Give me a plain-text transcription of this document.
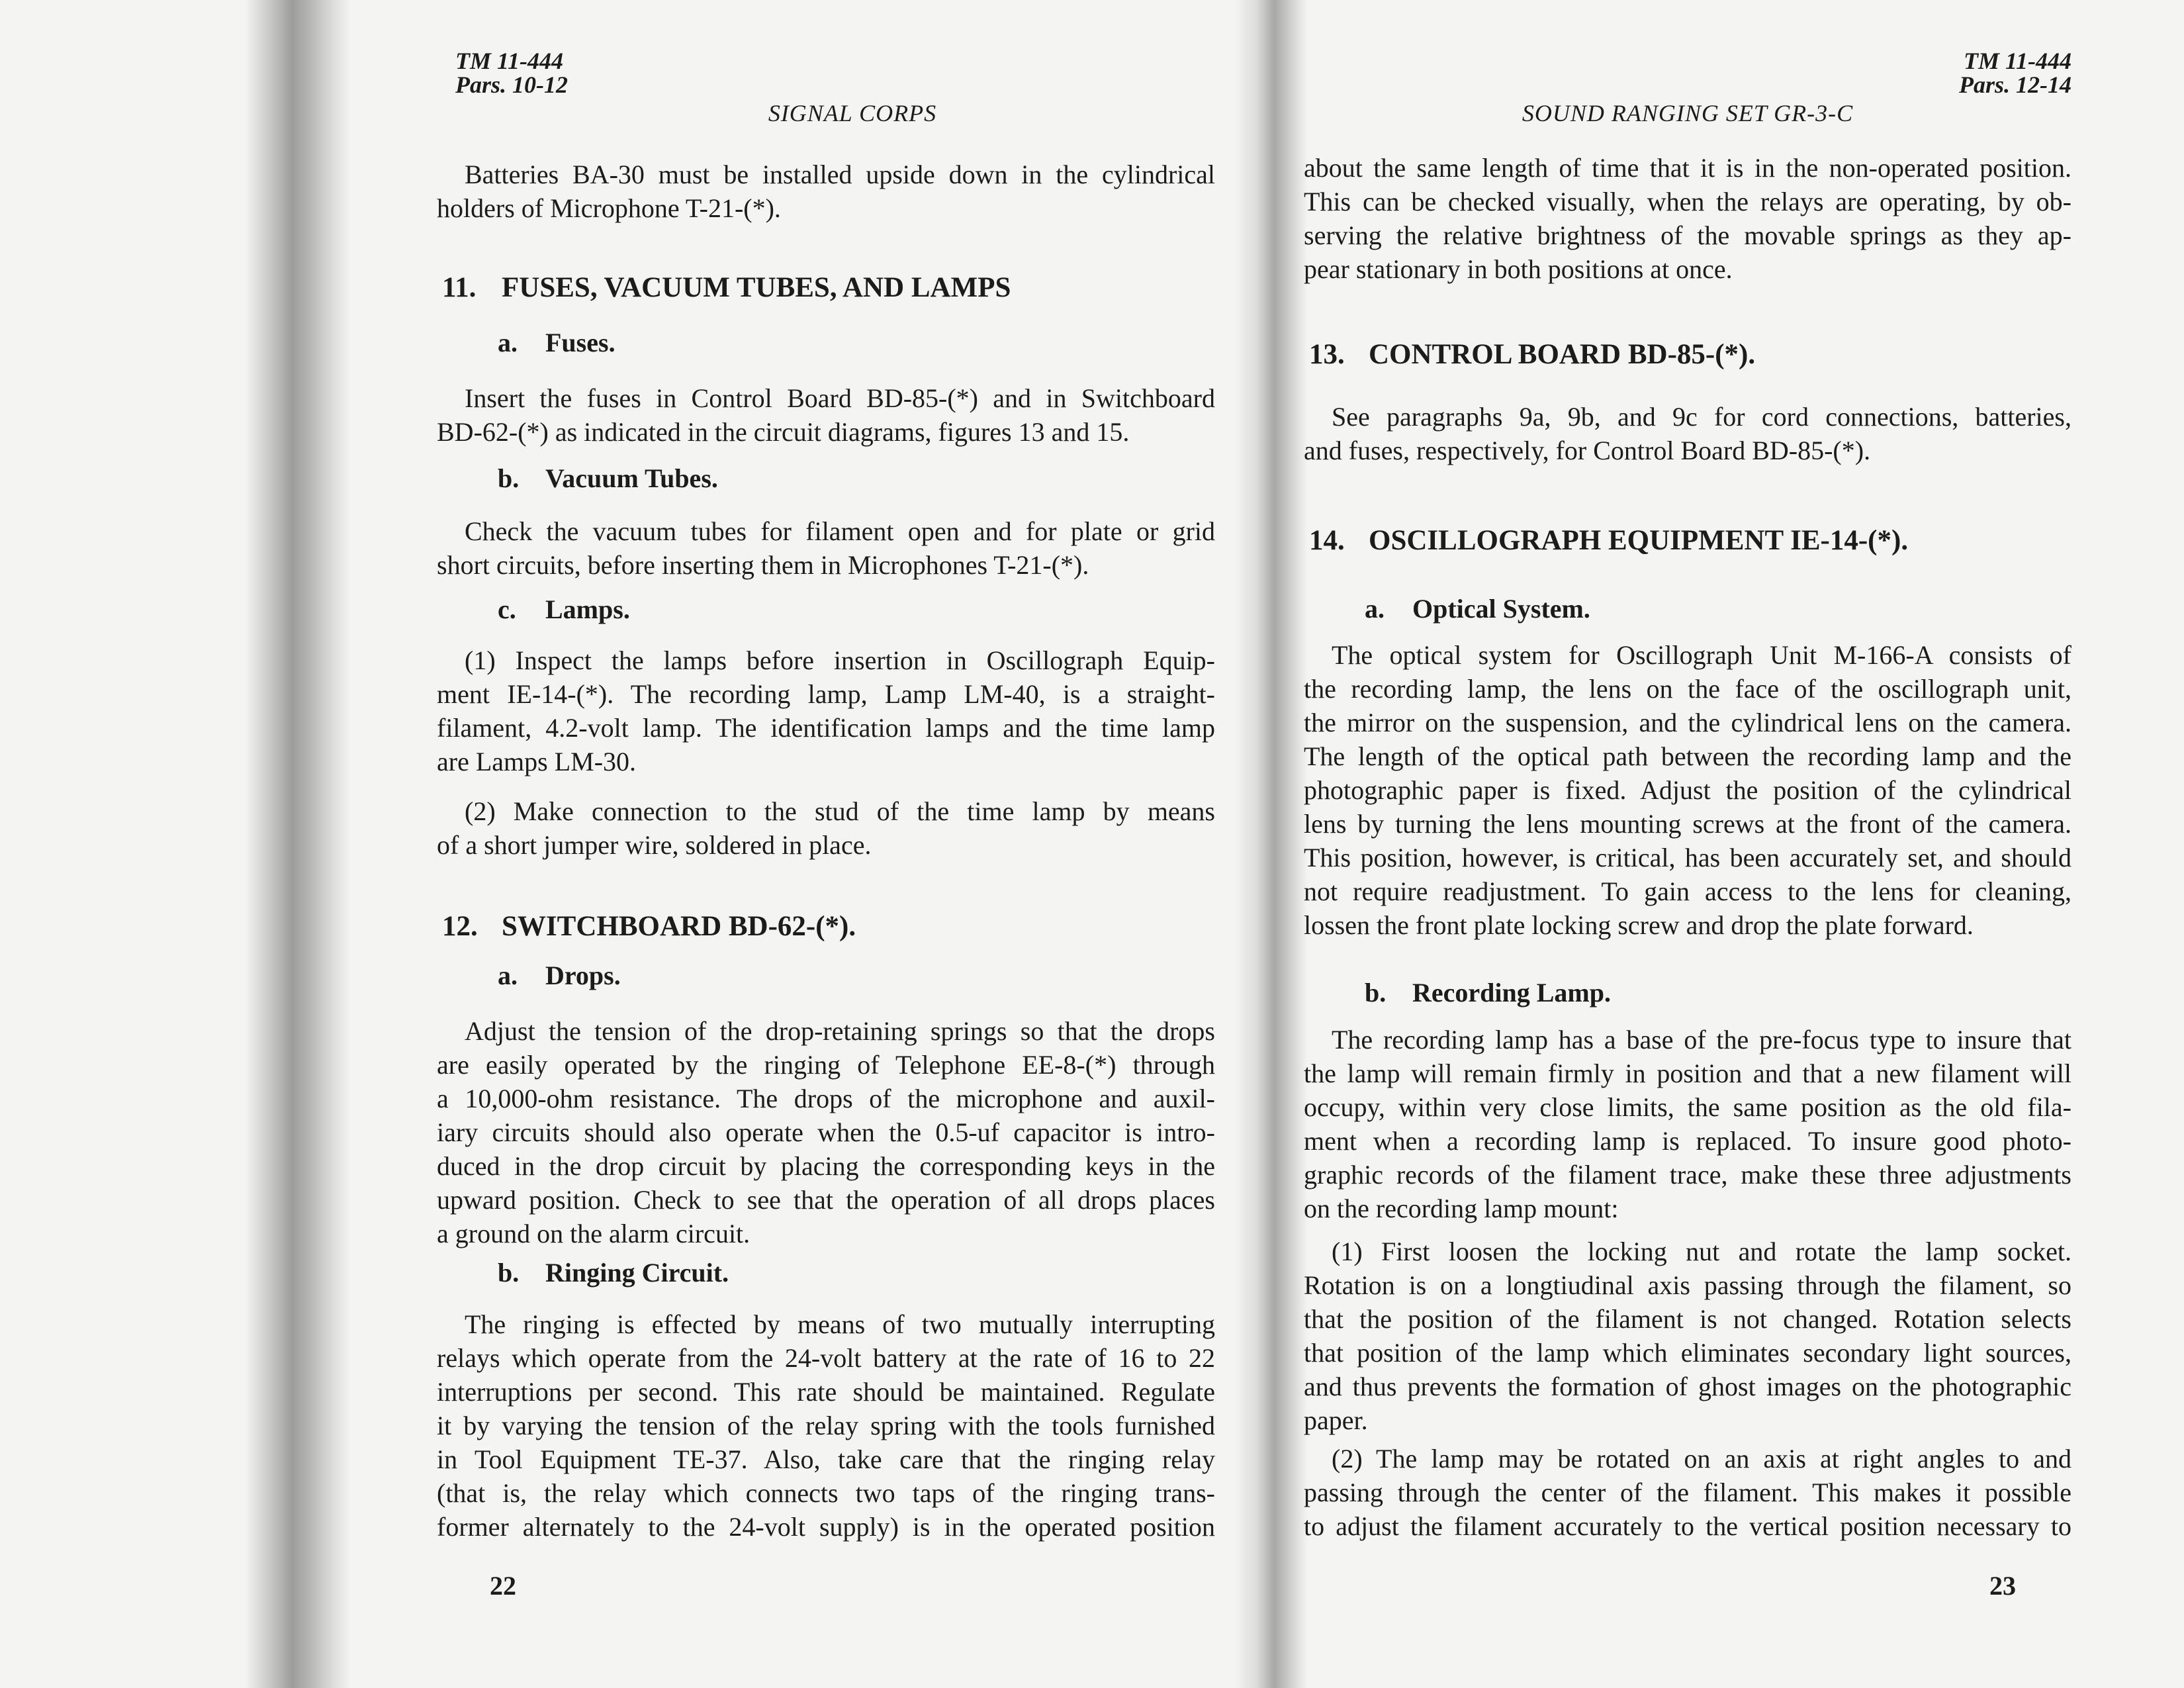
TM 11-444
Pars. 10-12
SIGNAL CORPS
Batteries BA-30 must be installed upside down in the cylindrical
holders of Microphone T-21-(*).
11. FUSES, VACUUM TUBES, AND LAMPS
a. Fuses.
Insert the fuses in Control Board BD-85-(*) and in Switchboard
BD-62-(*) as indicated in the circuit diagrams, figures 13 and 15.
b. Vacuum Tubes.
Check the vacuum tubes for filament open and for plate or grid
short circuits, before inserting them in Microphones T-21-(*).
c. Lamps.
(1) Inspect the lamps before insertion in Oscillograph Equip-
ment IE-14-(*). The recording lamp, Lamp LM-40, is a straight-
filament, 4.2-volt lamp. The identification lamps and the time lamp
are Lamps LM-30.
(2) Make connection to the stud of the time lamp by means
of a short jumper wire, soldered in place.
12. SWITCHBOARD BD-62-(*).
a. Drops.
Adjust the tension of the drop-retaining springs so that the drops
are easily operated by the ringing of Telephone EE-8-(*) through
a 10,000-ohm resistance. The drops of the microphone and auxil-
iary circuits should also operate when the 0.5-uf capacitor is intro-
duced in the drop circuit by placing the corresponding keys in the
upward position. Check to see that the operation of all drops places
a ground on the alarm circuit.
b. Ringing Circuit.
The ringing is effected by means of two mutually interrupting
relays which operate from the 24-volt battery at the rate of 16 to 22
interruptions per second. This rate should be maintained. Regulate
it by varying the tension of the relay spring with the tools furnished
in Tool Equipment TE-37. Also, take care that the ringing relay
(that is, the relay which connects two taps of the ringing trans-
former alternately to the 24-volt supply) is in the operated position
22
TM 11-444
Pars. 12-14
SOUND RANGING SET GR-3-C
about the same length of time that it is in the non-operated position.
This can be checked visually, when the relays are operating, by ob-
serving the relative brightness of the movable springs as they ap-
pear stationary in both positions at once.
13. CONTROL BOARD BD-85-(*).
See paragraphs 9a, 9b, and 9c for cord connections, batteries,
and fuses, respectively, for Control Board BD-85-(*).
14. OSCILLOGRAPH EQUIPMENT IE-14-(*).
a. Optical System.
The optical system for Oscillograph Unit M-166-A consists of
the recording lamp, the lens on the face of the oscillograph unit,
the mirror on the suspension, and the cylindrical lens on the camera.
The length of the optical path between the recording lamp and the
photographic paper is fixed. Adjust the position of the cylindrical
lens by turning the lens mounting screws at the front of the camera.
This position, however, is critical, has been accurately set, and should
not require readjustment. To gain access to the lens for cleaning,
lossen the front plate locking screw and drop the plate forward.
b. Recording Lamp.
The recording lamp has a base of the pre-focus type to insure that
the lamp will remain firmly in position and that a new filament will
occupy, within very close limits, the same position as the old fila-
ment when a recording lamp is replaced. To insure good photo-
graphic records of the filament trace, make these three adjustments
on the recording lamp mount:
(1) First loosen the locking nut and rotate the lamp socket.
Rotation is on a longtiudinal axis passing through the filament, so
that the position of the filament is not changed. Rotation selects
that position of the lamp which eliminates secondary light sources,
and thus prevents the formation of ghost images on the photographic
paper.
(2) The lamp may be rotated on an axis at right angles to and
passing through the center of the filament. This makes it possible
to adjust the filament accurately to the vertical position necessary to
23
